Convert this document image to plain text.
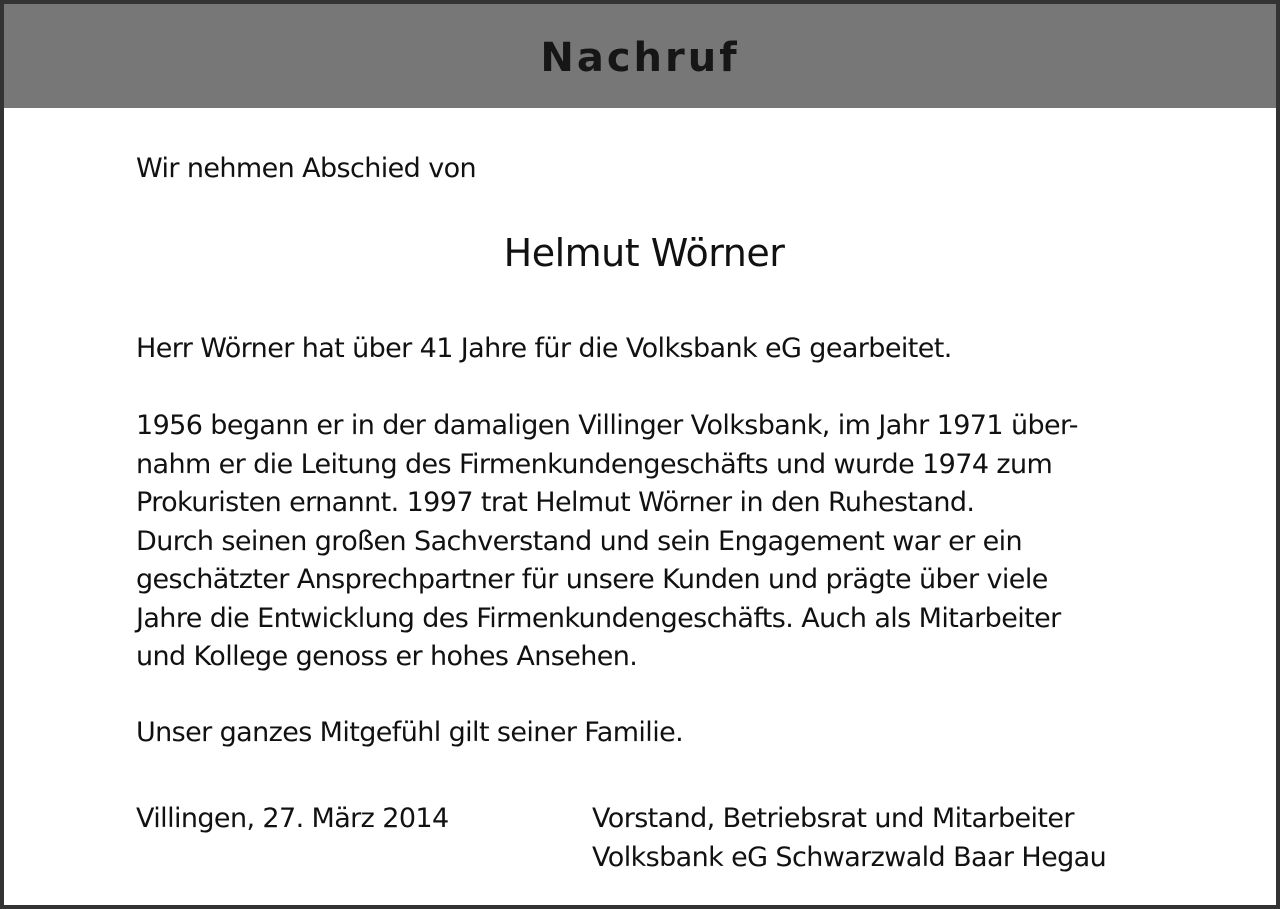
Nachruf
Wir nehmen Abschied von
Helmut Wörner

Herr Wörner hat über 41 Jahre für die Volksbank eG gearbeitet.

1956 begann er in der damaligen Villinger Volksbank, im Jahr 1971 über-
nahm er die Leitung des Firmenkundengeschäfts und wurde 1974 zum
Prokuristen ernannt. 1997 trat Helmut Wörner in den Ruhestand.
Durch seinen großen Sachverstand und sein Engagement war er ein
geschätzter Ansprechpartner für unsere Kunden und prägte über viele
Jahre die Entwicklung des Firmenkundengeschäfts. Auch als Mitarbeiter
und Kollege genoss er hohes Ansehen.

Unser ganzes Mitgefühl gilt seiner Familie.

Villingen, 27. März 2014	Vorstand, Betriebsrat und Mitarbeiter
Volksbank eG Schwarzwald Baar Hegau
